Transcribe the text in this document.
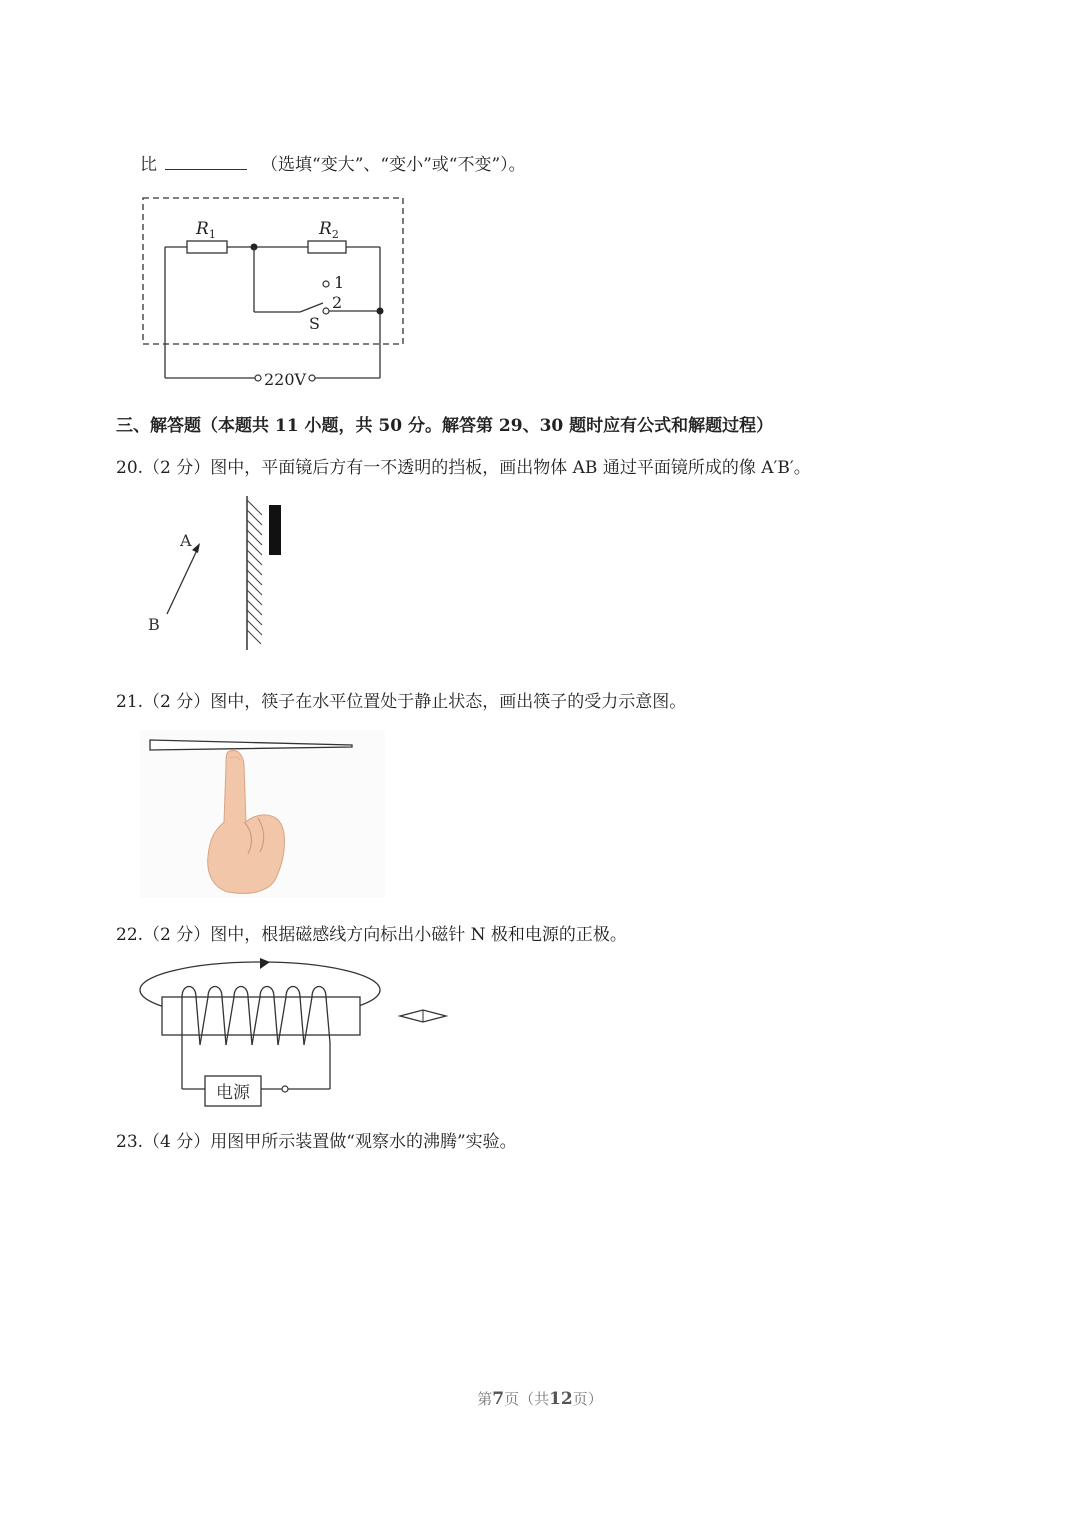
比	（选填“变大”、“变小”或“不变”）。
$R_1$	$R_2$
1
2
S
220V
三、解答题（本题共 11 小题，共 50 分。解答第 29、30 题时应有公式和解题过程）
20.（2 分）图中，平面镜后方有一不透明的挡板，画出物体 AB 通过平面镜所成的像 A′B′。
A
B
21.（2 分）图中，筷子在水平位置处于静止状态，画出筷子的受力示意图。
22.（2 分）图中，根据磁感线方向标出小磁针 N 极和电源的正极。
电源
23.（4 分）用图甲所示装置做“观察水的沸腾”实验。
第7页（共12页）
